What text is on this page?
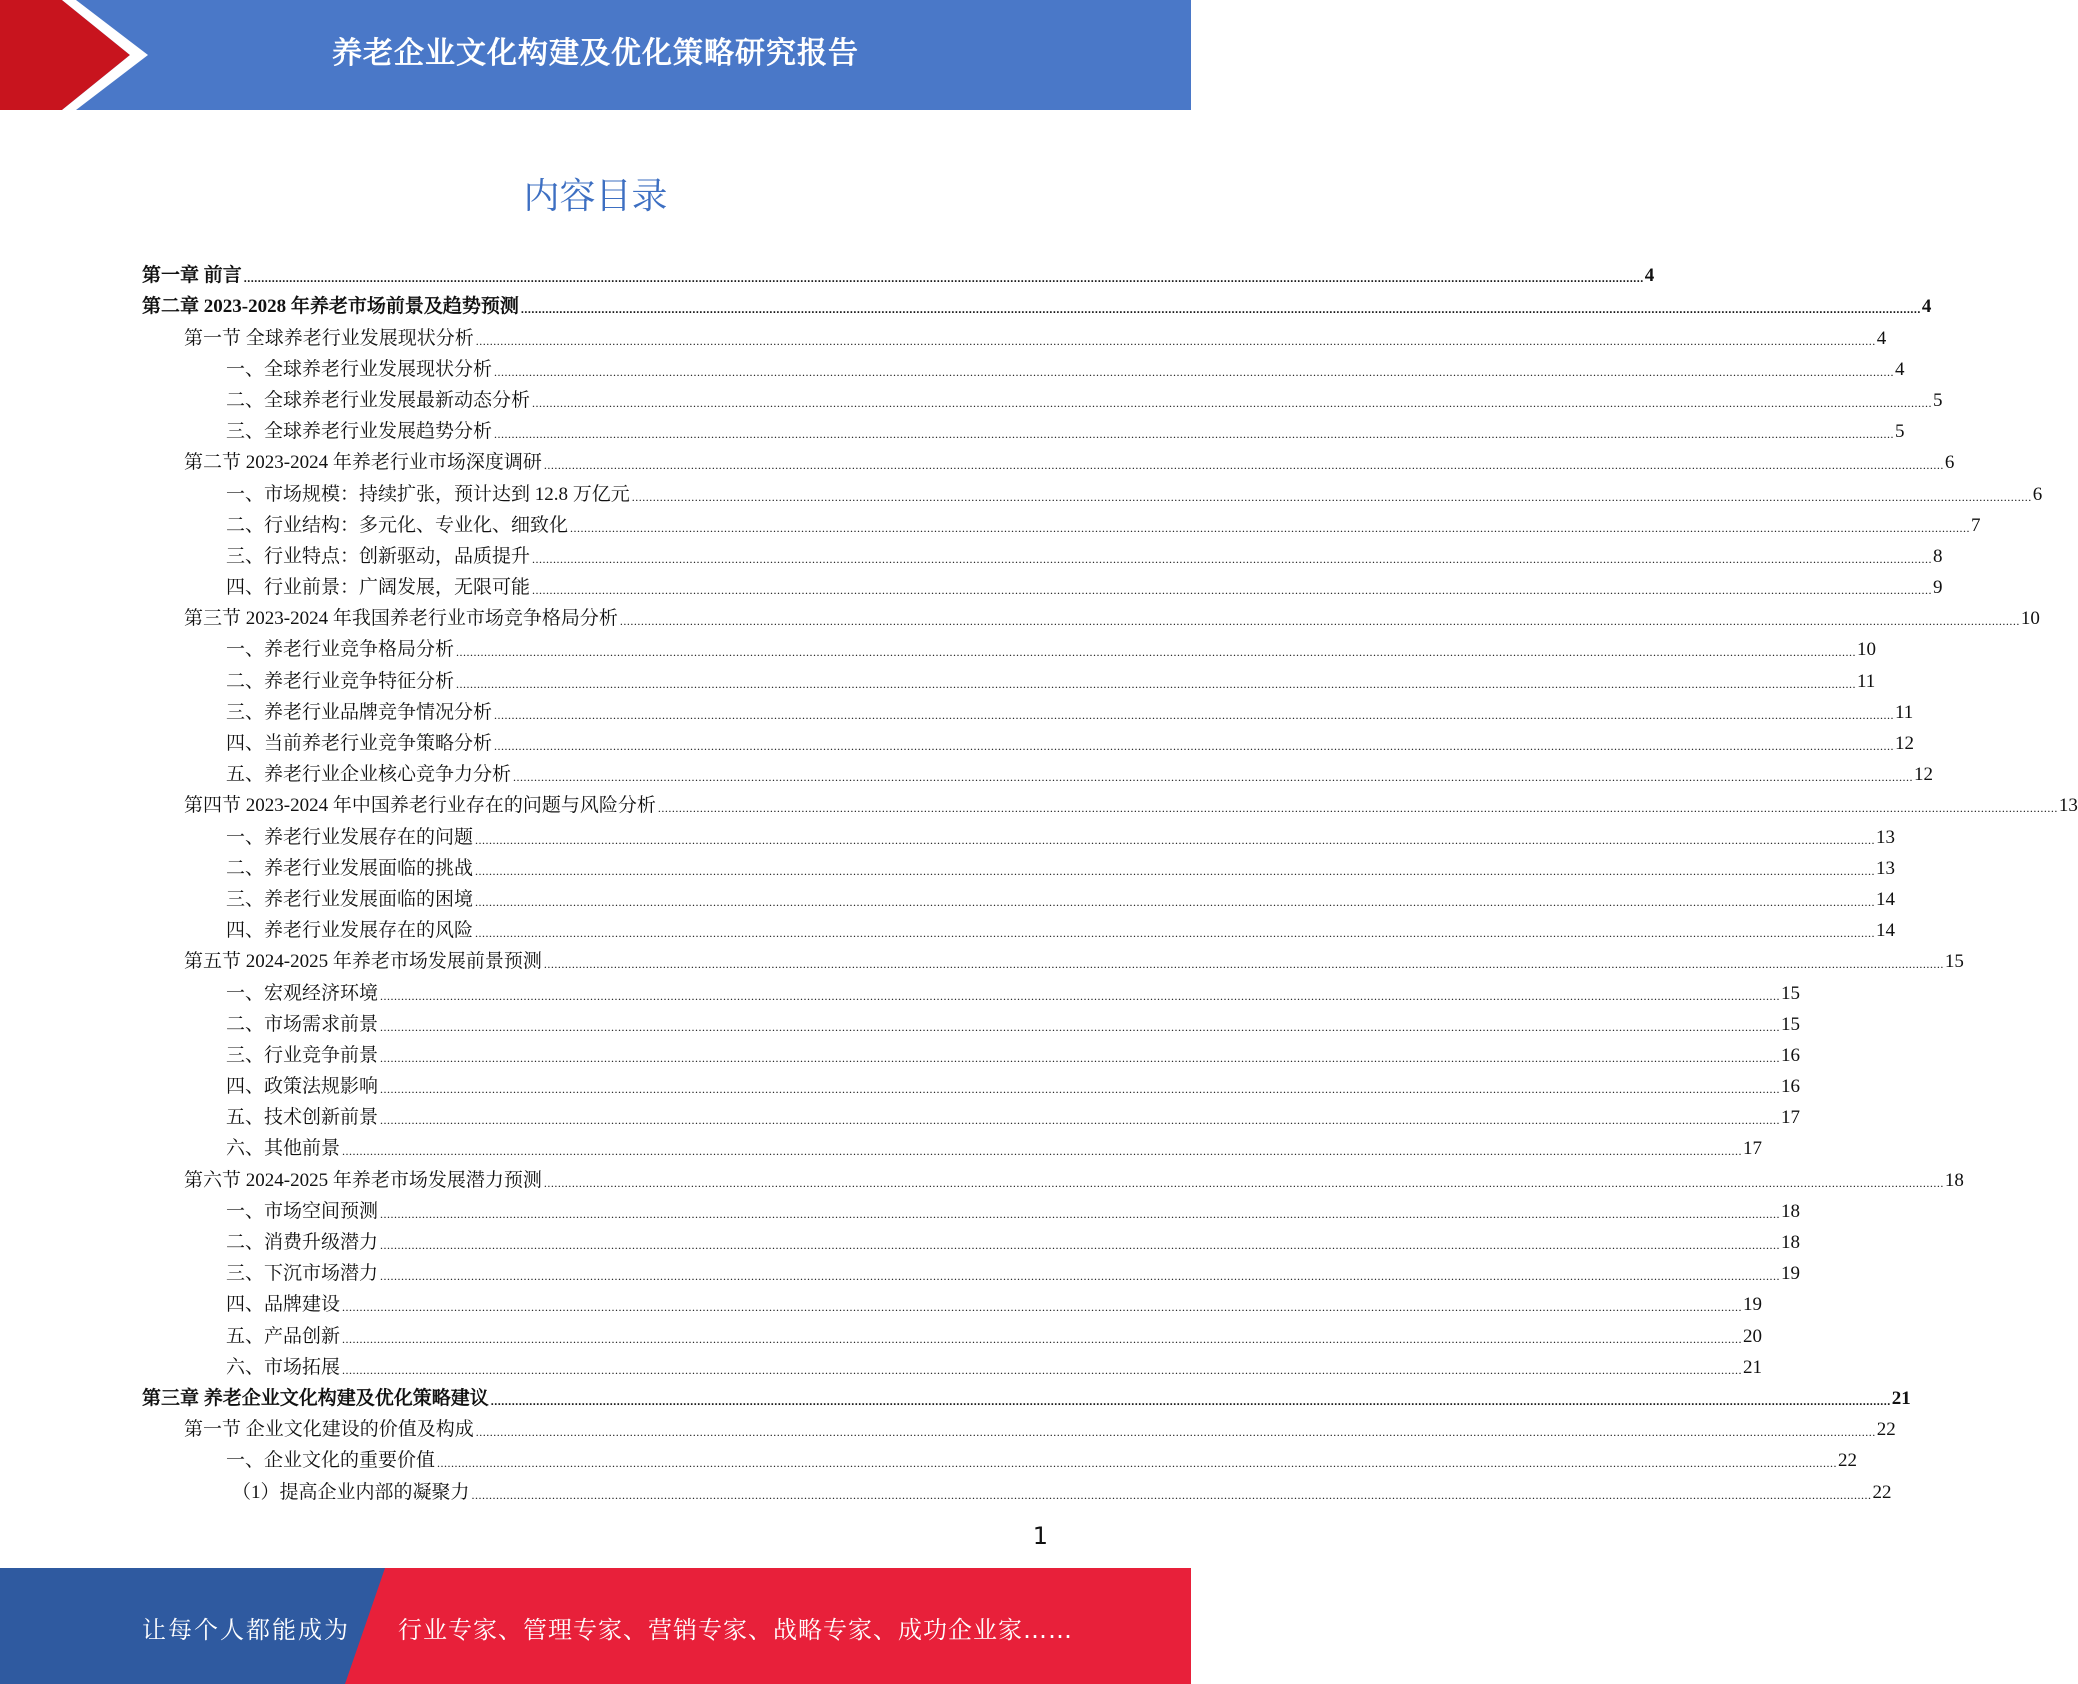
养老企业文化构建及优化策略研究报告
内容目录
第一章 前言 ................................................................................................................................................................................................................................................................................................................................................................................................................ 4
第二章 2023-2028 年养老市场前景及趋势预测 ................................................................................................................................................................................................................................................................................................................................................................................................................ 4
第一节 全球养老行业发展现状分析 ................................................................................................................................................................................................................................................................................................................................................................................................................ 4
一、全球养老行业发展现状分析 ................................................................................................................................................................................................................................................................................................................................................................................................................ 4
二、全球养老行业发展最新动态分析 ................................................................................................................................................................................................................................................................................................................................................................................................................ 5
三、全球养老行业发展趋势分析 ................................................................................................................................................................................................................................................................................................................................................................................................................ 5
第二节 2023-2024 年养老行业市场深度调研 ................................................................................................................................................................................................................................................................................................................................................................................................................ 6
一、市场规模：持续扩张，预计达到 12.8 万亿元 ................................................................................................................................................................................................................................................................................................................................................................................................................ 6
二、行业结构：多元化、专业化、细致化 ................................................................................................................................................................................................................................................................................................................................................................................................................ 7
三、行业特点：创新驱动，品质提升 ................................................................................................................................................................................................................................................................................................................................................................................................................ 8
四、行业前景：广阔发展，无限可能 ................................................................................................................................................................................................................................................................................................................................................................................................................ 9
第三节 2023-2024 年我国养老行业市场竞争格局分析 ................................................................................................................................................................................................................................................................................................................................................................................................................ 10
一、养老行业竞争格局分析 ................................................................................................................................................................................................................................................................................................................................................................................................................ 10
二、养老行业竞争特征分析 ................................................................................................................................................................................................................................................................................................................................................................................................................ 11
三、养老行业品牌竞争情况分析 ................................................................................................................................................................................................................................................................................................................................................................................................................ 11
四、当前养老行业竞争策略分析 ................................................................................................................................................................................................................................................................................................................................................................................................................ 12
五、养老行业企业核心竞争力分析 ................................................................................................................................................................................................................................................................................................................................................................................................................ 12
第四节 2023-2024 年中国养老行业存在的问题与风险分析 ................................................................................................................................................................................................................................................................................................................................................................................................................ 13
一、养老行业发展存在的问题 ................................................................................................................................................................................................................................................................................................................................................................................................................ 13
二、养老行业发展面临的挑战 ................................................................................................................................................................................................................................................................................................................................................................................................................ 13
三、养老行业发展面临的困境 ................................................................................................................................................................................................................................................................................................................................................................................................................ 14
四、养老行业发展存在的风险 ................................................................................................................................................................................................................................................................................................................................................................................................................ 14
第五节 2024-2025 年养老市场发展前景预测 ................................................................................................................................................................................................................................................................................................................................................................................................................ 15
一、宏观经济环境 ................................................................................................................................................................................................................................................................................................................................................................................................................ 15
二、市场需求前景 ................................................................................................................................................................................................................................................................................................................................................................................................................ 15
三、行业竞争前景 ................................................................................................................................................................................................................................................................................................................................................................................................................ 16
四、政策法规影响 ................................................................................................................................................................................................................................................................................................................................................................................................................ 16
五、技术创新前景 ................................................................................................................................................................................................................................................................................................................................................................................................................ 17
六、其他前景 ................................................................................................................................................................................................................................................................................................................................................................................................................ 17
第六节 2024-2025 年养老市场发展潜力预测 ................................................................................................................................................................................................................................................................................................................................................................................................................ 18
一、市场空间预测 ................................................................................................................................................................................................................................................................................................................................................................................................................ 18
二、消费升级潜力 ................................................................................................................................................................................................................................................................................................................................................................................................................ 18
三、下沉市场潜力 ................................................................................................................................................................................................................................................................................................................................................................................................................ 19
四、品牌建设 ................................................................................................................................................................................................................................................................................................................................................................................................................ 19
五、产品创新 ................................................................................................................................................................................................................................................................................................................................................................................................................ 20
六、市场拓展 ................................................................................................................................................................................................................................................................................................................................................................................................................ 21
第三章 养老企业文化构建及优化策略建议 ................................................................................................................................................................................................................................................................................................................................................................................................................ 21
第一节 企业文化建设的价值及构成 ................................................................................................................................................................................................................................................................................................................................................................................................................ 22
一、企业文化的重要价值 ................................................................................................................................................................................................................................................................................................................................................................................................................ 22
（1）提高企业内部的凝聚力 ................................................................................................................................................................................................................................................................................................................................................................................................................ 22
1
让每个人都能成为 行业专家、管理专家、营销专家、战略专家、成功企业家……
